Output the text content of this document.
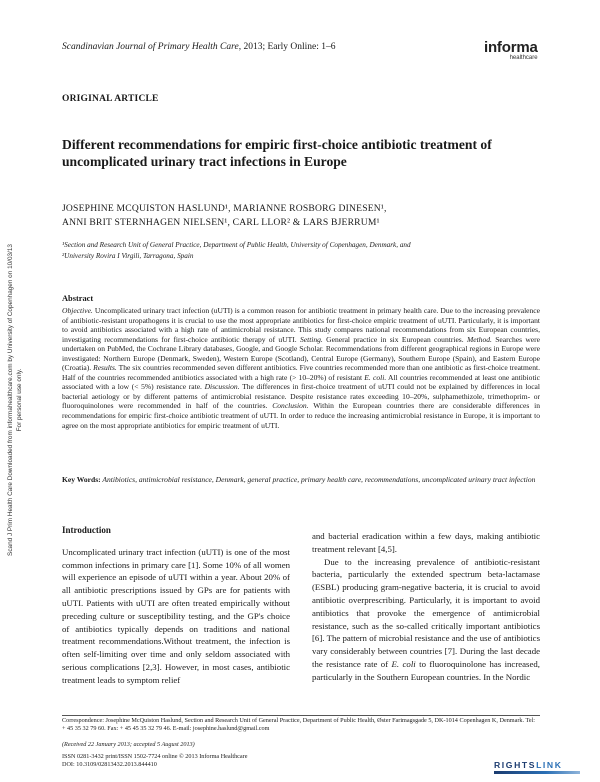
Scandinavian Journal of Primary Health Care, 2013; Early Online: 1–6	informa
healthcare
ORIGINAL ARTICLE
Different recommendations for empiric first-choice antibiotic treatment of uncomplicated urinary tract infections in Europe
JOSEPHINE MCQUISTON HASLUND¹, MARIANNE ROSBORG DINESEN¹,
ANNI BRIT STERNHAGEN NIELSEN¹, CARL LLOR² & LARS BJERRUM¹
¹Section and Research Unit of General Practice, Department of Public Health, University of Copenhagen, Denmark, and
²University Rovira I Virgili, Tarragona, Spain
Scand J Prim Health Care Downloaded from informahealthcare.com by University of Copenhagen on 10/03/13 For personal use only.
Abstract
Objective. Uncomplicated urinary tract infection (uUTI) is a common reason for antibiotic treatment in primary health care. Due to the increasing prevalence of antibiotic-resistant uropathogens it is crucial to use the most appropriate antibiotics for first-choice empiric treatment of uUTI. Particularly, it is important to avoid antibiotics associated with a high rate of antimicrobial resistance. This study compares national recommendations from six European countries, investigating recommendations for first-choice antibiotic therapy of uUTI. Setting. General practice in six European countries. Method. Searches were undertaken on PubMed, the Cochrane Library databases, Google, and Google Scholar. Recommendations from different geographical regions in Europe were investigated: Northern Europe (Denmark, Sweden), Western Europe (Scotland), Central Europe (Germany), Southern Europe (Spain), and Eastern Europe (Croatia). Results. The six countries recommended seven different antibiotics. Five countries recommended more than one antibiotic as first-choice treatment. Half of the countries recommended antibiotics associated with a high rate (> 10–20%) of resistant E. coli. All countries recommended at least one antibiotic associated with a low (< 5%) resistance rate. Discussion. The differences in first-choice treatment of uUTI could not be explained by differences in local bacterial aetiology or by different patterns of antimicrobial resistance. Despite resistance rates exceeding 10–20%, sulphamethizole, trimethoprim- or fluoroquinolones were recommended in half of the countries. Conclusion. Within the European countries there are considerable differences in recommendations for empiric first-choice antibiotic treatment of uUTI. In order to reduce the increasing antimicrobial resistance in Europe, it is important to agree on the most appropriate antibiotics for empiric treatment of uUTI.
Key Words: Antibiotics, antimicrobial resistance, Denmark, general practice, primary health care, recommendations, uncomplicated urinary tract infection
Introduction

Uncomplicated urinary tract infection (uUTI) is one of the most common infections in primary care [1]. Some 10% of all women will experience an episode of uUTI within a year. About 20% of all antibiotic prescriptions issued by GPs are for patients with uUTI. Patients with uUTI are often treated empirically without preceding culture or susceptibility testing, and the GP's choice of antibiotics typically depends on traditions and national treatment recommendations.Without treatment, the infection is often self-limiting over time and only seldom associated with serious complications [2,3]. However, in most cases, antibiotic treatment leads to symptom relief

and bacterial eradication within a few days, making antibiotic treatment relevant [4,5].

Due to the increasing prevalence of antibiotic-resistant bacteria, particularly the extended spectrum beta-lactamase (ESBL) producing gram-negative bacteria, it is crucial to avoid antibiotic overprescribing. Particularly, it is important to avoid antibiotics that provoke the emergence of antimicrobial resistance, such as the so-called critically important antibiotics [6]. The pattern of microbial resistance and the use of antibiotics vary considerably between countries [7]. During the last decade the resistance rate of E. coli to fluoroquinolone has increased, particularly in the Southern European countries. In the Nordic

Correspondence: Josephine McQuiston Haslund, Section and Research Unit of General Practice, Department of Public Health, Øster Farimagsgade 5, DK-1014 Copenhagen K, Denmark. Tel: + 45 35 32 79 60. Fax: + 45 45 35 32 79 46. E-mail: josephine.haslund@gmail.com
(Received 22 January 2013; accepted 5 August 2013)
ISSN 0281-3432 print/ISSN 1502-7724 online © 2013 Informa Healthcare
DOI: 10.3109/02813432.2013.844410	RIGHTSLINK
